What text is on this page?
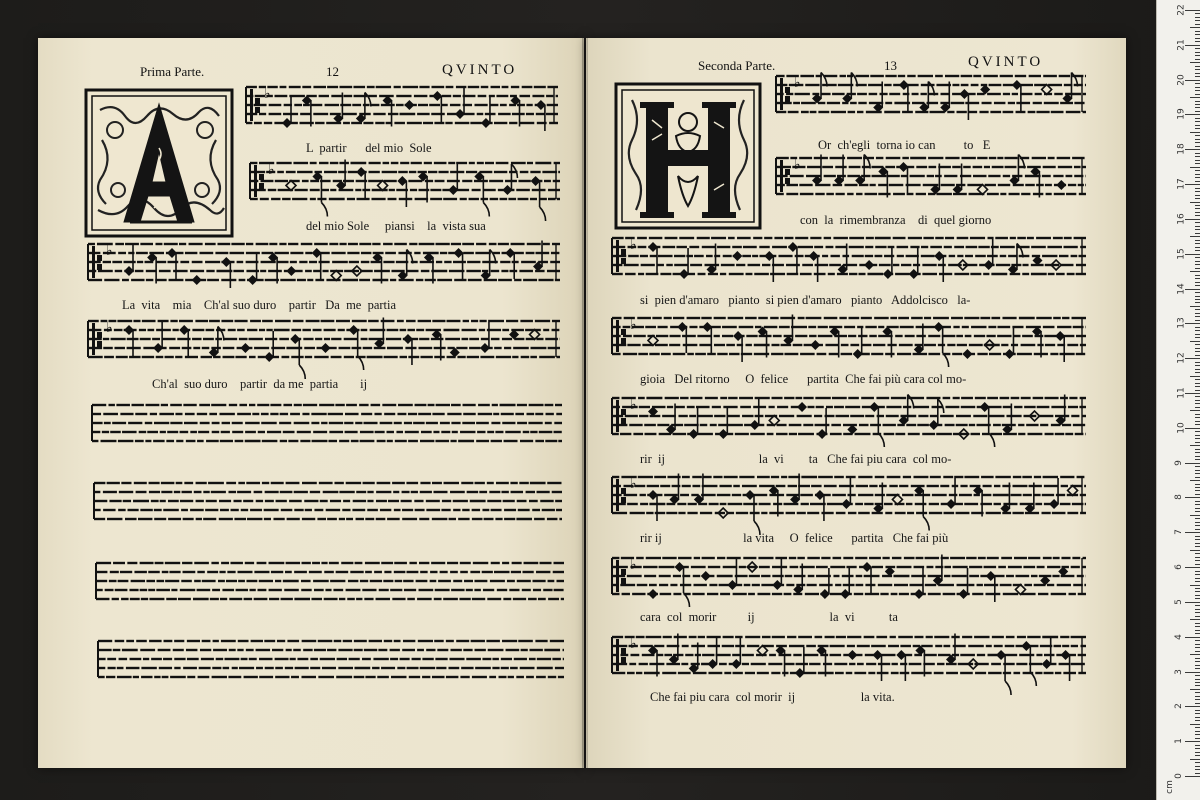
Prima Parte.	12	QVINTO	Seconda Parte.	13	QVINTO
L  partir      del mio  Sole
del mio Sole     piansi    la  vista sua
La  vita    mia    Ch'al suo duro    partir   Da  me  partia
Ch'al  suo duro    partir  da me  partia       ij
Or  ch'egli  torna io can         to   E
con  la  rimembranza    di  quel giorno
si  pien d'amaro   pianto  si pien d'amaro   pianto   Addolcisco   la-
gioia   Del ritorno     O  felice      partita  Che fai più cara col mo-
rir  ij                              la  vi        ta   Che fai piu cara  col mo-
rir ij                          la vita     O  felice      partita   Che fai più
cara  col  morir          ij                        la  vi           ta
Che fai piu cara  col morir  ij                     la vita.
♭
♭
♭
♭
♭
♭
♭
♭
♭
♭
♭
♭
cm
22
21
20
19
18
17
16
15
14
13
12
11
10
9
8
7
6
5
4
3
2
1
0
